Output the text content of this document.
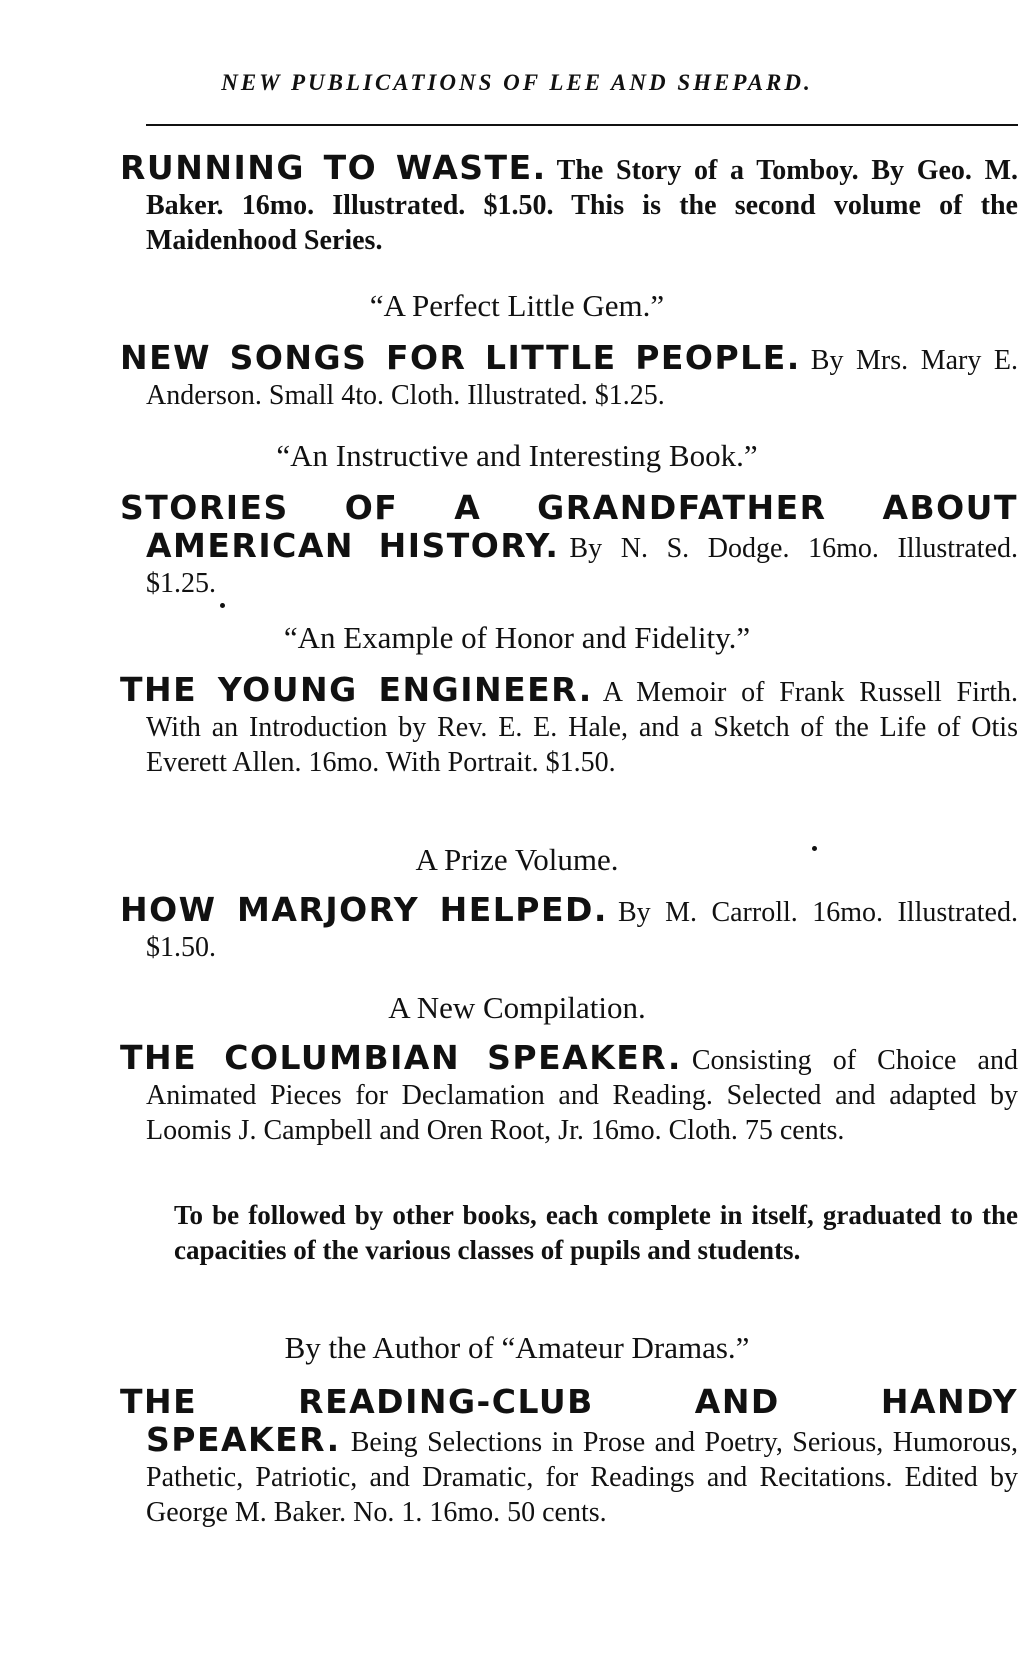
NEW PUBLICATIONS OF LEE AND SHEPARD.
RUNNING TO WASTE. The Story of a Tomboy. By Geo. M. Baker. 16mo. Illustrated. $1.50. This is the second volume of the Maidenhood Series.
“A Perfect Little Gem.”
NEW SONGS FOR LITTLE PEOPLE. By Mrs. Mary E. Anderson. Small 4to. Cloth. Illustrated. $1.25.
“An Instructive and Interesting Book.”
STORIES OF A GRANDFATHER ABOUT AMERICAN HISTORY. By N. S. Dodge. 16mo. Illustrated. $1.25.
“An Example of Honor and Fidelity.”
THE YOUNG ENGINEER. A Memoir of Frank Russell Firth. With an Introduction by Rev. E. E. Hale, and a Sketch of the Life of Otis Everett Allen. 16mo. With Portrait. $1.50.
A Prize Volume.
HOW MARJORY HELPED. By M. Carroll. 16mo. Illustrated. $1.50.
A New Compilation.
THE COLUMBIAN SPEAKER. Consisting of Choice and Animated Pieces for Declamation and Reading. Selected and adapted by Loomis J. Campbell and Oren Root, Jr. 16mo. Cloth. 75 cents.
To be followed by other books, each complete in itself, graduated to the capacities of the various classes of pupils and students.
By the Author of “Amateur Dramas.”
THE READING-CLUB AND HANDY SPEAKER. Being Selections in Prose and Poetry, Serious, Humorous, Pathetic, Patriotic, and Dramatic, for Readings and Recitations. Edited by George M. Baker. No. 1. 16mo. 50 cents.
